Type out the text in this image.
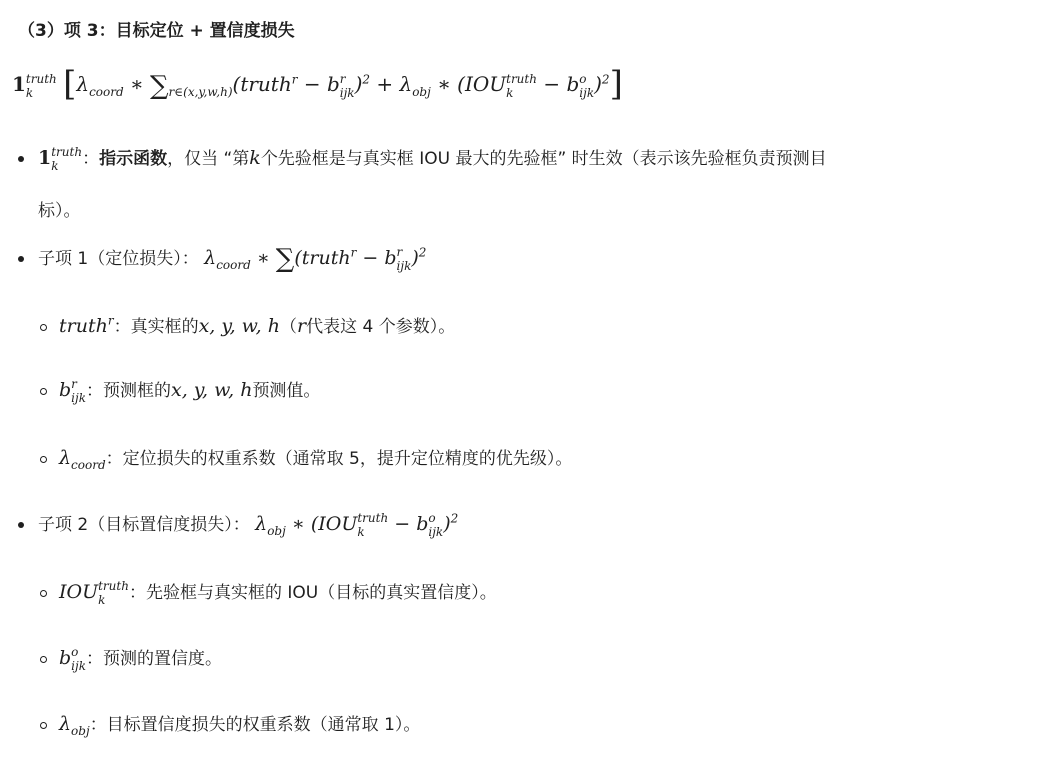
（3）项 3：目标定位 + 置信度损失
1 truth
k [$\lambda_{coord}$ ∗ $\sum_{r\in(x,y,w,h)}(truth^r - b$ r
ijk )$^2 + \lambda_{obj}$ ∗ (IOU truth
k	− b o
ijk )$^2$]
1 truth
k	：指示函数，仅当 “第k个先验框是与真实框 IOU 最大的先验框” 时生效（表示该先验框负责预测目
标）。
子项 1（定位损失）： $\lambda_{coord}$ ∗ ∑(truth$^r$ − b r
ijk )$^2$
truth$^r$：真实框的x, y, w, h（r代表这 4 个参数）。
b r
ijk ：预测框的x, y, w, h预测值。
$\lambda_{coord}$：定位损失的权重系数（通常取 5，提升定位精度的优先级）。
子项 2（目标置信度损失）： $\lambda_{obj}$ ∗ (IOU truth
k	− b o
ijk )$^2$
IOU truth
k	：先验框与真实框的 IOU（目标的真实置信度）。
b o
ijk ：预测的置信度。
$\lambda_{obj}$：目标置信度损失的权重系数（通常取 1）。
